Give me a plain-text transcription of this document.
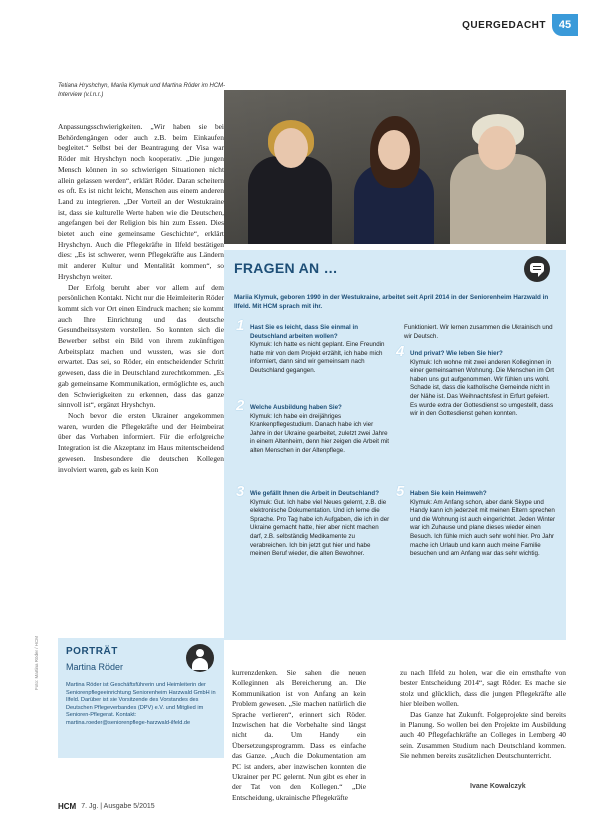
QUERGEDACHT	45
Tetiana Hryshchyn, Mariia Klymuk und Martina Röder im HCM-Interview (v.l.n.r.)

Anpassungsschwierigkeiten. „Wir haben sie bei Behördengängen oder auch z.B. beim Einkaufen begleitet.“ Selbst bei der Beantragung der Visa war Röder mit Hryshchyn noch kooperativ. „Die jungen Mensch können in so schwierigen Situationen nicht allein gelassen werden“, erklärt Röder. Daran scheitern es oft. Es ist nicht leicht, Menschen aus einem anderen Land zu integrieren. „Der Vorteil an der Westukraine ist, dass sie kulturelle Werte haben wie die Deutschen, angefangen bei der Religion bis hin zum Essen. Dies bietet auch eine gemeinsame Geschichte“, erklärt Hryshchyn. Auch die Pflegekräfte in Ilfeld bestätigen dies: „Es ist schwerer, wenn Pflegekräfte aus Ländern mit anderer Kultur und Mentalität kommen“, so Hryshchyn weiter.

Der Erfolg beruht aber vor allem auf dem persönlichen Kontakt. Nicht nur die Heimleiterin Röder kommt sich vor Ort einen Eindruck machen; sie kommt auch Ihre Einrichtung und das deutsche Gesundheitssystem vorstellen. So konnten sich die Bewerber selbst ein Bild von ihrem zukünftigen Arbeitsplatz machen und wussten, was sie dort erwartet. Das sei, so Röder, ein entscheidender Schritt gewesen, dass die in Deutschland zurechtkommen. „Es gab gemeinsame Kommunikation, ermöglichte es, auch den Schwierigkeiten zu erkennen, dass das ganze sinnvoll ist“, ergänzt Hryshchyn.

Noch bevor die ersten Ukrainer angekommen waren, wurden die Pflegekräfte und der Heimbeirat über das Vorhaben informiert. Für die erfolgreiche Integration ist die Akzeptanz im Haus mitentscheidend gewesen. Insbesondere die deutschen Kollegen involviert waren, gab es kein Kon

FRAGEN AN …
Mariia Klymuk, geboren 1990 in der Westukraine, arbeitet seit April 2014 in der Seniorenheim Harzwald in Ilfeld. Mit HCM sprach mit ihr.
1 Hast Sie es leicht, dass Sie einmal in Deutschland arbeiten wollen?
Klymuk: Ich hatte es nicht geplant. Eine Freundin hatte mir von dem Projekt erzählt, ich habe mich informiert, dann sind wir gemeinsam nach Deutschland gegangen.
2 Welche Ausbildung haben Sie?
Klymuk: Ich habe ein dreijähriges Krankenpflegestudium. Danach habe ich vier Jahre in der Ukraine gearbeitet, zuletzt zwei Jahre in einem Altenheim, denn hier zeigen die Arbeit mit alten Menschen in der Altenpflege.
3 Wie gefällt Ihnen die Arbeit in Deutschland?
Klymuk: Gut. Ich habe viel Neues gelernt, z.B. die elektronische Dokumentation. Und ich lerne die Sprache. Pro Tag habe ich Aufgaben, die ich in der Ukraine gemacht hatte, hier aber nicht machen darf, z.B. selbständig Medikamente zu verabreichen. Ich bin jetzt gut hier und habe meinen Beruf wieder, die alten Bewohner.
Funktioniert. Wir lernen zusammen die Ukrainisch und wir Deutsch.
4 Und privat? Wie leben Sie hier?
Klymuk: Ich wohne mit zwei anderen Kolleginnen in einer gemeinsamen Wohnung. Die Menschen im Ort haben uns gut aufgenommen. Wir fühlen uns wohl. Schade ist, dass die katholische Gemeinde nicht in der Nähe ist. Das Weihnachtsfest in Erfurt gefeiert. Es wurde extra der Gottesdienst so umgestellt, dass wir in den Gottesdienst gehen konnten.
5 Haben Sie kein Heimweh?
Klymuk: Am Anfang schon, aber dank Skype und Handy kann ich jederzeit mit meinen Eltern sprechen und die Wohnung ist auch eingerichtet. Jeden Winter war ich Zuhause und plane dieses wieder einen Besuch. Ich fühle mich auch sehr wohl hier. Pro Jahr mache ich Urlaub und kann auch meine Familie besuchen und am Anfang war das sehr wichtig.
kurrenzdenken. Sie sahen die neuen Kolleginnen als Bereicherung an. Die Kommunikation ist von Anfang an kein Problem gewesen. „Sie machen natürlich die Sprache verlieren“, erinnert sich Röder. Inzwischen hat die Vorbehalte sind längst nicht da. Um Handy ein Übersetzungsprogramm. Dass es einfache das Ganze. „Auch die Dokumentation am PC ist anders, aber inzwischen konnten die Ukrainer per PC gelernt. Nun gibt es eher in der Tat von den Kollegen.“ „Die Entscheidung, ukrainische Pflegekräfte

zu nach Ilfeld zu holen, war die ein ernsthafte von bester Entscheidung 2014“, sagt Röder. Es mache sie stolz und glücklich, dass die jungen Pflegekräfte alle hier bleiben wollen.

Das Ganze hat Zukunft. Folgeprojekte sind bereits in Planung. So wollen bei den Projekte im Ausbildung auch 40 Pflegefachkräfte an Colleges in Lemberg 40 sein. Zusammen Studium nach Deutschland kommen. Sie nehmen bereits zusätzlichen Deutschunterricht.

Ivane Kowalczyk
PORTRÄT
Martina Röder
Martina Röder ist Geschäftsführerin und Heimleiterin der Seniorenpflegeeinrichtung Seniorenheim Harzwald GmbH in Ilfeld. Darüber ist sie Vorsitzende des Vorstandes des Deutschen Pflegeverbandes (DPV) e.V. und Mitglied im Senioren-Pflegerat. Kontakt: martina.roeder@seniorenpflege-harzwald-ilfeld.de
Foto: Martina Röder / HCM
HCM 7. Jg. | Ausgabe 5/2015
